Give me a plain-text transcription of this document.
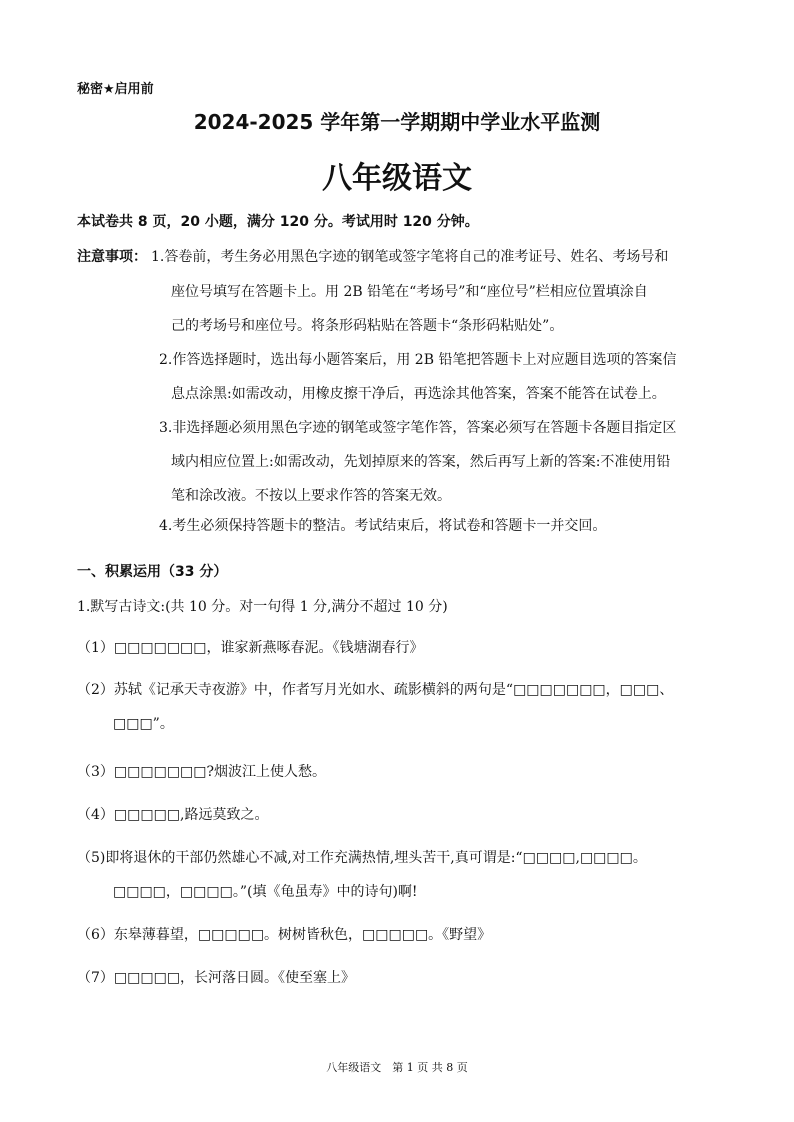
秘密★启用前
2024-2025 学年第一学期期中学业水平监测
八年级语文
本试卷共 8 页，20 小题，满分 120 分。考试用时 120 分钟。
注意事项： 1.答卷前，考生务必用黑色字迹的钢笔或签字笔将自己的准考证号、姓名、考场号和
座位号填写在答题卡上。用 2B 铅笔在“考场号”和“座位号”栏相应位置填涂自
己的考场号和座位号。将条形码粘贴在答题卡“条形码粘贴处”。
2.作答选择题时，选出每小题答案后，用 2B 铅笔把答题卡上对应题目选项的答案信
息点涂黑:如需改动，用橡皮擦干净后，再选涂其他答案，答案不能答在试卷上。
3.非选择题必须用黑色字迹的钢笔或签字笔作答，答案必须写在答题卡各题目指定区
域内相应位置上:如需改动，先划掉原来的答案，然后再写上新的答案:不准使用铅
笔和涂改液。不按以上要求作答的答案无效。
4.考生必须保持答题卡的整洁。考试结束后，将试卷和答题卡一并交回。
一、积累运用（33 分）
1.默写古诗文:(共 10 分。对一句得 1 分,满分不超过 10 分)
（1）□□□□□□□，谁家新燕啄春泥。《钱塘湖春行》
（2）苏轼《记承天寺夜游》中，作者写月光如水、疏影横斜的两句是“□□□□□□□，□□□、
□□□”。
（3）□□□□□□□?烟波江上使人愁。
（4）□□□□□,路远莫致之。
（5)即将退休的干部仍然雄心不减,对工作充满热情,埋头苦干,真可谓是:“□□□□,□□□□。
□□□□，□□□□。”(填《龟虽寿》中的诗句)啊!
（6）东皋薄暮望，□□□□□。树树皆秋色，□□□□□。《野望》
（7）□□□□□，长河落日圆。《使至塞上》
八年级语文　第 1 页 共 8 页
